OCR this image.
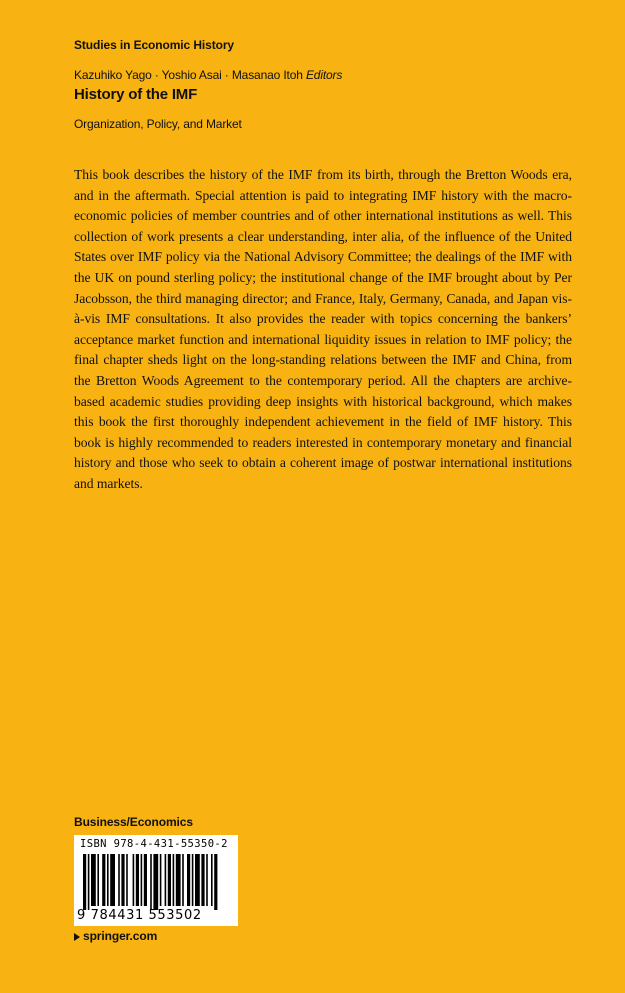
Studies in Economic History
Kazuhiko Yago · Yoshio Asai · Masanao Itoh Editors
History of the IMF
Organization, Policy, and Market

This book describes the history of the IMF from its birth, through the Bretton Woods era, and in the aftermath. Special attention is paid to integrating IMF history with the macro-economic policies of member countries and of other international institutions as well. This collection of work presents a clear understanding, inter alia, of the influence of the United States over IMF policy via the National Advisory Committee; the dealings of the IMF with the UK on pound sterling policy; the institutional change of the IMF brought about by Per Jacobsson, the third managing director; and France, Italy, Germany, Canada, and Japan vis-à-vis IMF consultations. It also provides the reader with topics concerning the bankers’ acceptance market function and international liquidity issues in relation to IMF policy; the final chapter sheds light on the long-standing relations between the IMF and China, from the Bretton Woods Agreement to the contemporary period. All the chapters are archive-based academic studies providing deep insights with historical background, which makes this book the first thoroughly independent achievement in the field of IMF history. This book is highly recommended to readers interested in contemporary monetary and financial history and those who seek to obtain a coherent image of postwar international institutions and markets.

Business/Economics
ISBN 978-4-431-55350-2
9 784431 553502
springer.com
